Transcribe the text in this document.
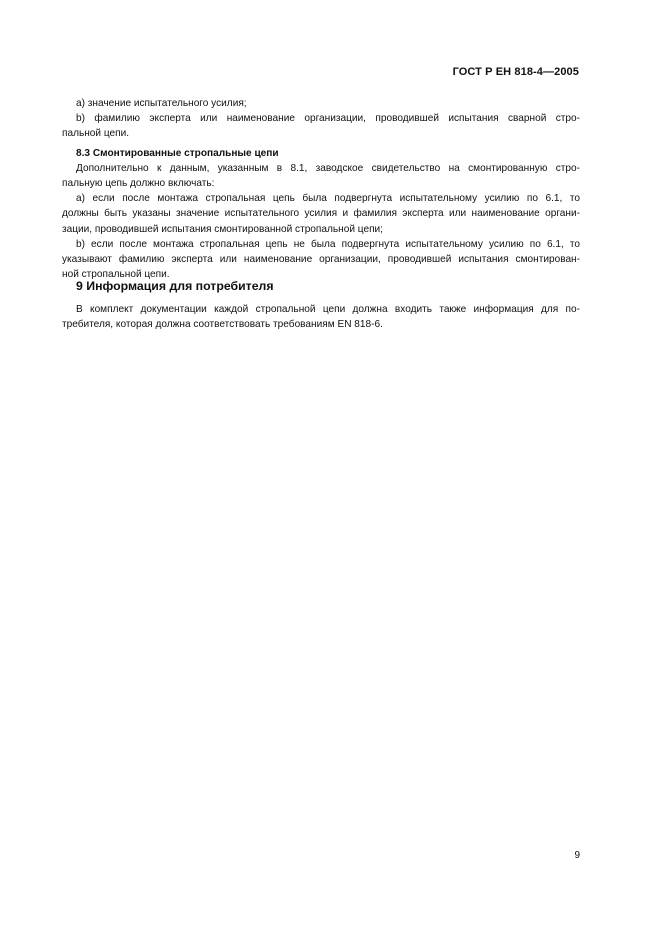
ГОСТ Р ЕН 818-4—2005
a) значение испытательного усилия;
b) фамилию эксперта или наименование организации, проводившей испытания сварной стро-
пальной цепи.
8.3 Смонтированные стропальные цепи
Дополнительно к данным, указанным в 8.1, заводское свидетельство на смонтированную стро-
пальную цепь должно включать:
a) если после монтажа стропальная цепь была подвергнута испытательному усилию по 6.1, то
должны быть указаны значение испытательного усилия и фамилия эксперта или наименование органи-
зации, проводившей испытания смонтированной стропальной цепи;
b) если после монтажа стропальная цепь не была подвергнута испытательному усилию по 6.1, то
указывают фамилию эксперта или наименование организации, проводившей испытания смонтирован-
ной стропальной цепи.
9 Информация для потребителя
В комплект документации каждой стропальной цепи должна входить также информация для по-
требителя, которая должна соответствовать требованиям EN 818-6.
9
